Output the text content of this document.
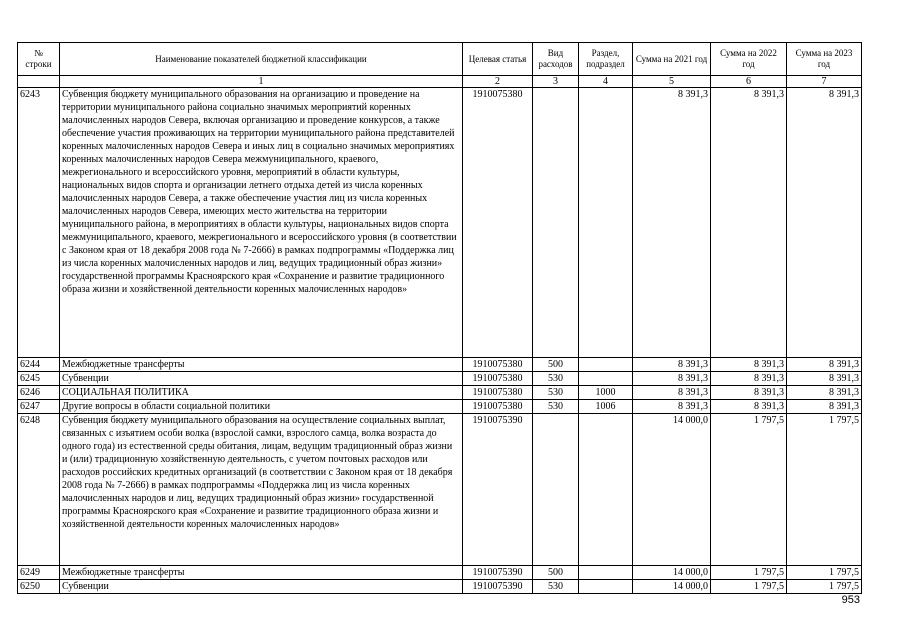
№ строки	Наименование показателей бюджетной классификации	Целевая статья	Вид расходов	Раздел, подраздел	Сумма на 2021 год	Сумма на 2022 год	Сумма на 2023 год
	1	2	3	4	5	6	7
6243	Субвенция бюджету муниципального образования на организацию и проведение на территории муниципального района социально значимых мероприятий коренных малочисленных народов Севера, включая организацию и проведение конкурсов, а также обеспечение участия проживающих на территории муниципального района представителей коренных малочисленных народов Севера и иных лиц в социально значимых мероприятиях коренных малочисленных народов Севера межмуниципального, краевого, межрегионального и всероссийского уровня, мероприятий в области культуры, национальных видов спорта и организации летнего отдыха детей из числа коренных малочисленных народов Севера, а также обеспечение участия лиц из числа коренных малочисленных народов Севера, имеющих место жительства на территории муниципального района, в мероприятиях в области культуры, национальных видов спорта межмуниципального, краевого, межрегионального и всероссийского уровня (в соответствии с Законом края от 18 декабря 2008 года № 7-2666) в рамках подпрограммы «Поддержка лиц из числа коренных малочисленных народов и лиц, ведущих традиционный образ жизни» государственной программы Красноярского края «Сохранение и развитие традиционного образа жизни и хозяйственной деятельности коренных малочисленных народов»	1910075380			8 391,3	8 391,3	8 391,3
6244	Межбюджетные трансферты	1910075380	500		8 391,3	8 391,3	8 391,3
6245	Субвенции	1910075380	530		8 391,3	8 391,3	8 391,3
6246	СОЦИАЛЬНАЯ ПОЛИТИКА	1910075380	530	1000	8 391,3	8 391,3	8 391,3
6247	Другие вопросы в области социальной политики	1910075380	530	1006	8 391,3	8 391,3	8 391,3
6248	Субвенция бюджету муниципального образования на осуществление социальных выплат, связанных с изъятием особи волка (взрослой самки, взрослого самца, волка возраста до одного года) из естественной среды обитания, лицам, ведущим традиционный образ жизни и (или) традиционную хозяйственную деятельность, с учетом почтовых расходов или расходов российских кредитных организаций (в соответствии с Законом края от 18 декабря 2008 года № 7-2666) в рамках подпрограммы «Поддержка лиц из числа коренных малочисленных народов и лиц, ведущих традиционный образ жизни» государственной программы Красноярского края «Сохранение и развитие традиционного образа жизни и хозяйственной деятельности коренных малочисленных народов»	1910075390			14 000,0	1 797,5	1 797,5
6249	Межбюджетные трансферты	1910075390	500		14 000,0	1 797,5	1 797,5
6250	Субвенции	1910075390	530		14 000,0	1 797,5	1 797,5
953
